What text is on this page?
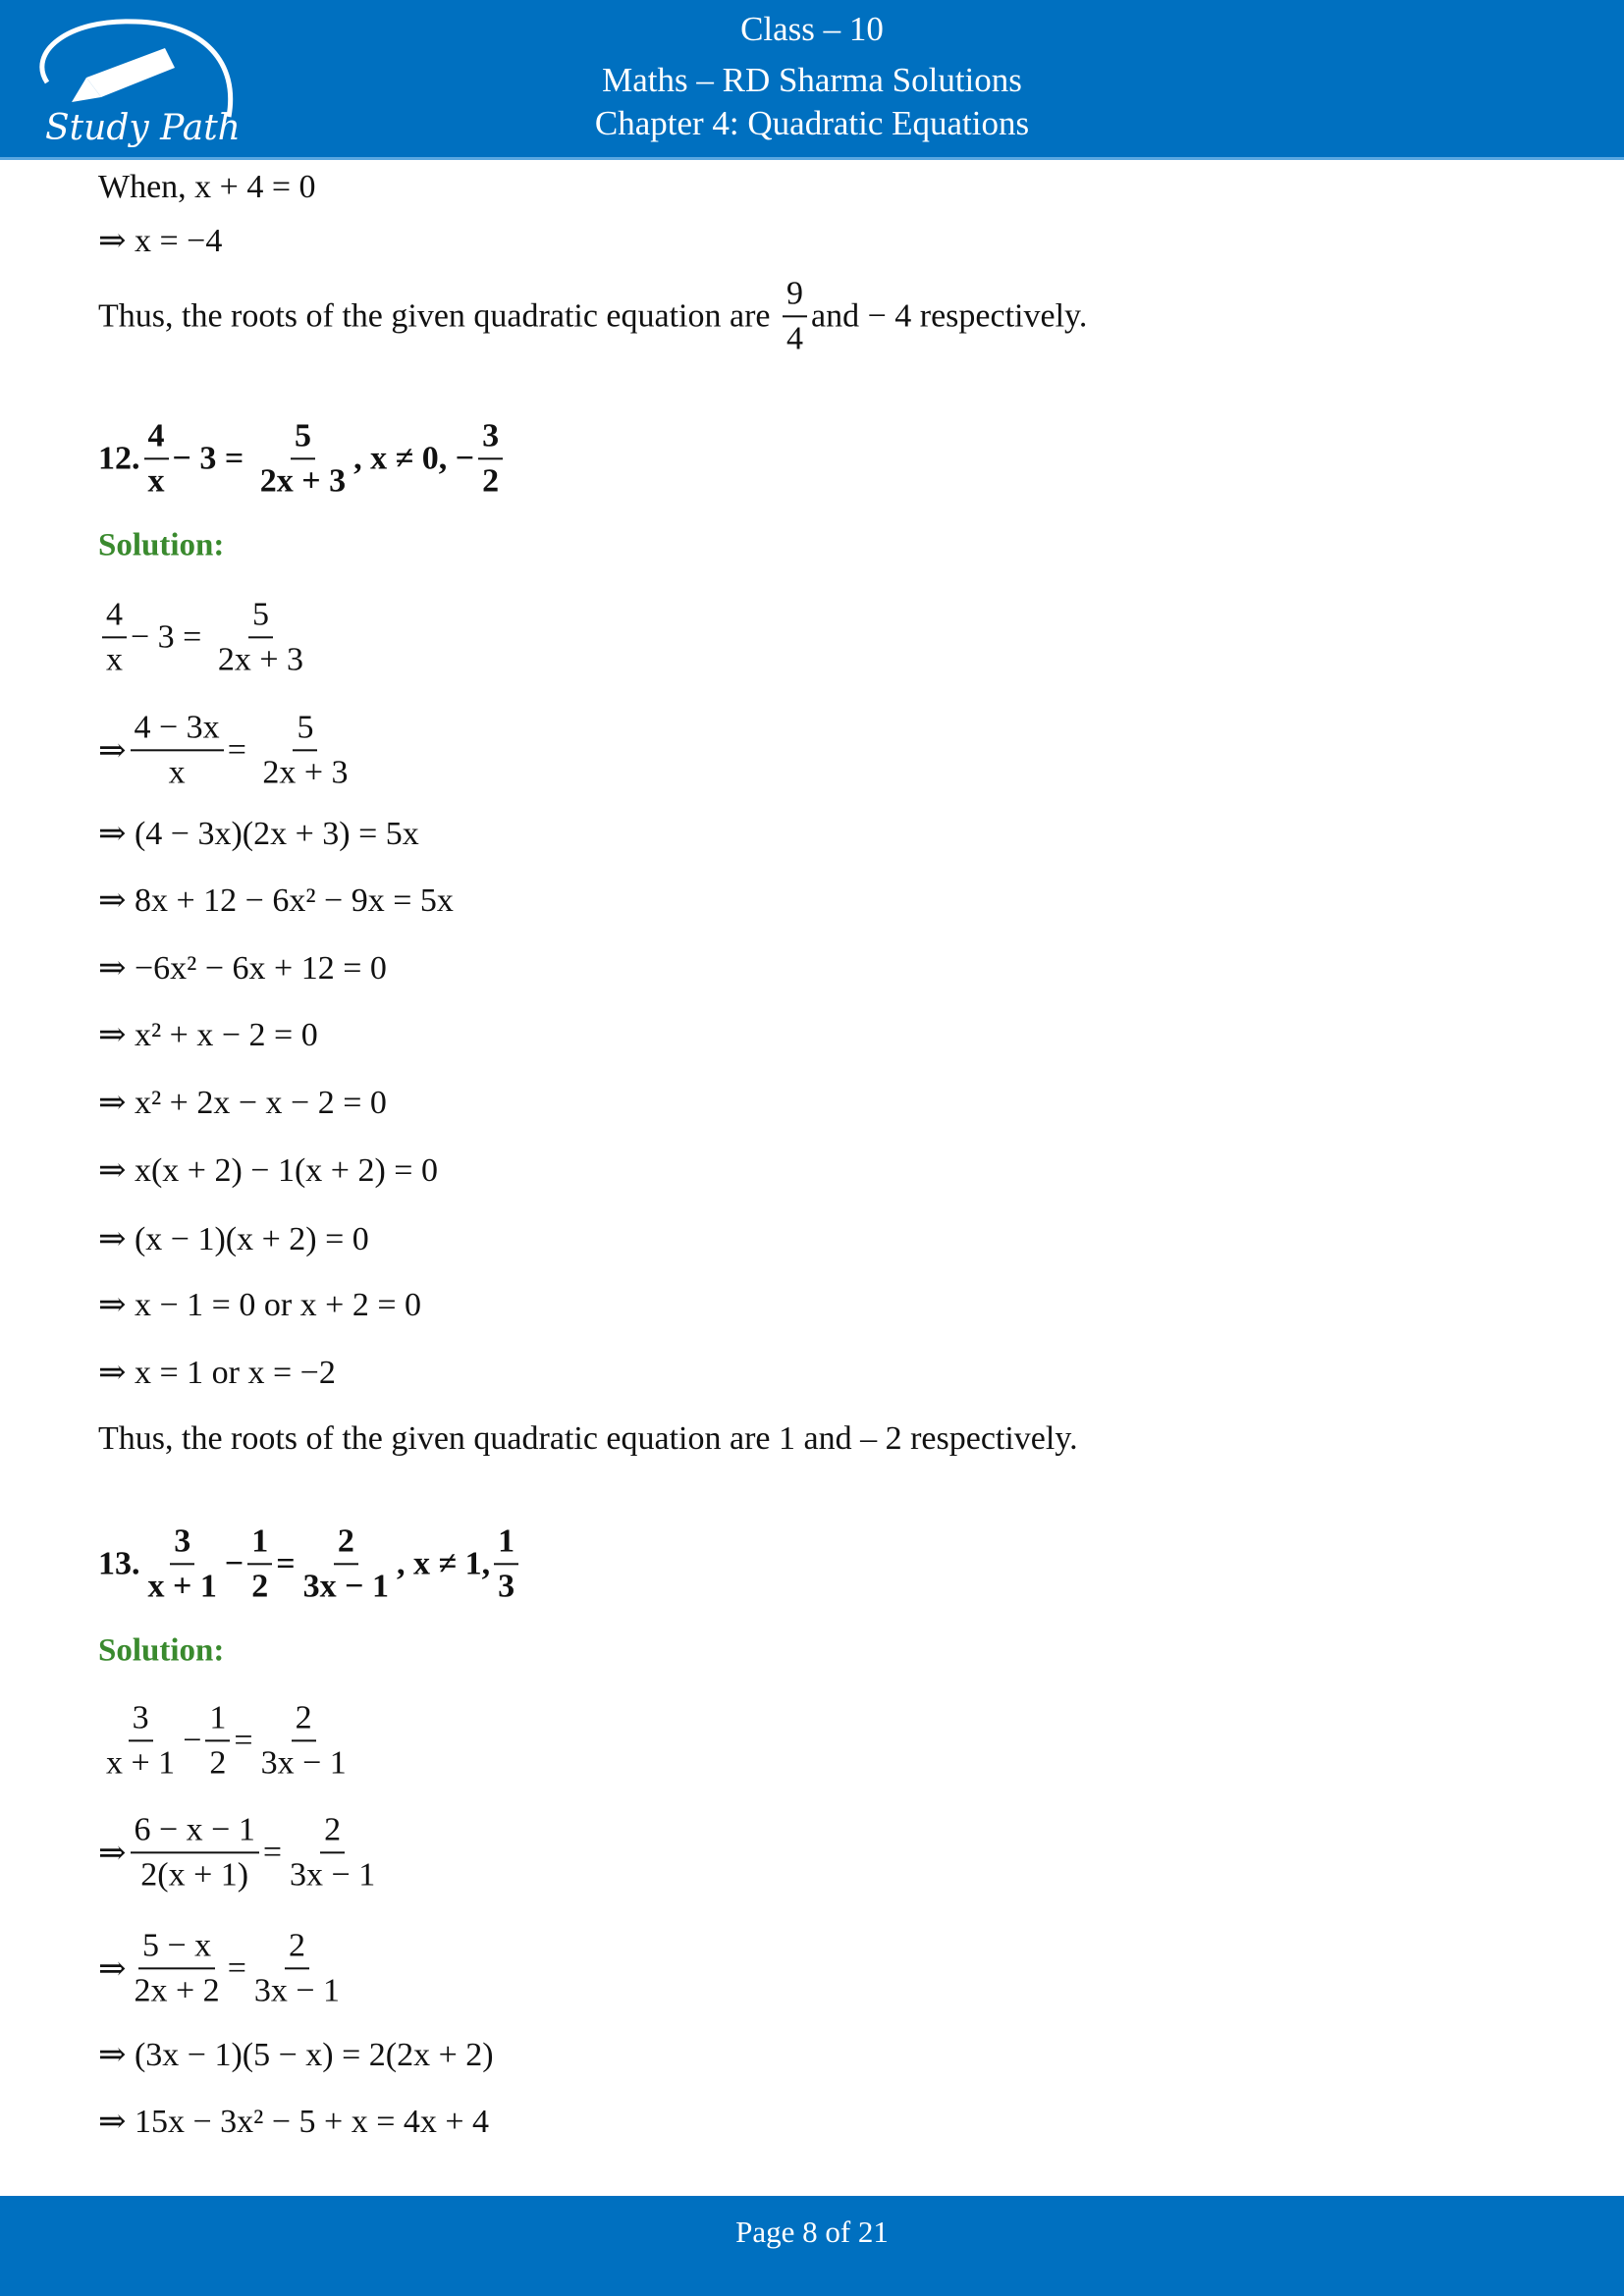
Study Path
Class – 10
Maths – RD Sharma Solutions
Chapter 4: Quadratic Equations
When, x + 4 = 0
⇒ x = −4
Thus, the roots of the given quadratic equation are $\frac{9}{4}$ and − 4 respectively.
12. $\frac{4}{x} - 3 = \frac{5}{2x + 3}$ , x ≠ 0, − $\frac{3}{2}$
Solution:
$\frac{4}{x} - 3 = \frac{5}{2x + 3}$
⇒ $\frac{4 - 3x}{x} = \frac{5}{2x + 3}$
⇒ (4 − 3x)(2x + 3) = 5x
⇒ 8x + 12 − 6x² − 9x = 5x
⇒ −6x² − 6x + 12 = 0
⇒ x² + x − 2 = 0
⇒ x² + 2x − x − 2 = 0
⇒ x(x + 2) − 1(x + 2) = 0
⇒ (x − 1)(x + 2) = 0
⇒ x − 1 = 0 or x + 2 = 0
⇒ x = 1 or x = −2
Thus, the roots of the given quadratic equation are 1 and – 2 respectively.
13. $\frac{3}{x + 1} - \frac{1}{2} = \frac{2}{3x - 1}$ , x ≠ 1, $\frac{1}{3}$
Solution:
$\frac{3}{x + 1} - \frac{1}{2} = \frac{2}{3x - 1}$
⇒ $\frac{6 - x - 1}{2(x + 1)} = \frac{2}{3x - 1}$
⇒ $\frac{5 - x}{2x + 2} = \frac{2}{3x - 1}$
⇒ (3x − 1)(5 − x) = 2(2x + 2)
⇒ 15x − 3x² − 5 + x = 4x + 4
Page 8 of 21
